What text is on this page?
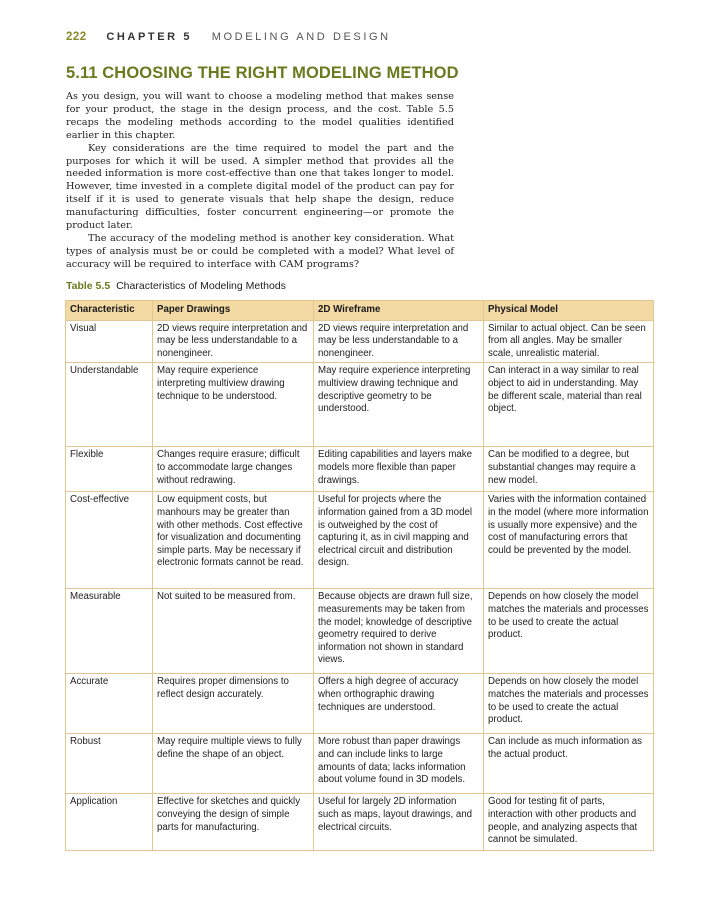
222 CHAPTER 5 MODELING AND DESIGN
5.11 CHOOSING THE RIGHT MODELING METHOD

As you design, you will want to choose a modeling method that makes sense for your product, the stage in the design process, and the cost. Table 5.5 recaps the modeling methods according to the model qualities identified earlier in this chapter.

Key considerations are the time required to model the part and the purposes for which it will be used. A simpler method that provides all the needed information is more cost-effective than one that takes longer to model. However, time invested in a complete digital model of the product can pay for itself if it is used to generate visuals that help shape the design, reduce manufacturing difficulties, foster concurrent engineering—or promote the product later.

The accuracy of the modeling method is another key consideration. What types of analysis must be or could be completed with a model? What level of accuracy will be required to interface with CAM programs?

Table 5.5 Characteristics of Modeling Methods
Characteristic	Paper Drawings	2D Wireframe	Physical Model
Visual	2D views require interpretation and may be less understandable to a nonengineer.	2D views require interpretation and may be less understandable to a nonengineer.	Similar to actual object. Can be seen from all angles. May be smaller scale, unrealistic material.
Understandable	May require experience interpreting multiview drawing technique to be understood.	May require experience interpreting multiview drawing technique and descriptive geometry to be understood.	Can interact in a way similar to real object to aid in understanding. May be different scale, material than real object.
Flexible	Changes require erasure; difficult to accommodate large changes without redrawing.	Editing capabilities and layers make models more flexible than paper drawings.	Can be modified to a degree, but substantial changes may require a new model.
Cost-effective	Low equipment costs, but manhours may be greater than with other methods. Cost effective for visualization and documenting simple parts. May be necessary if electronic formats cannot be read.	Useful for projects where the information gained from a 3D model is outweighed by the cost of capturing it, as in civil mapping and electrical circuit and distribution design.	Varies with the information contained in the model (where more information is usually more expensive) and the cost of manufacturing errors that could be prevented by the model.
Measurable	Not suited to be measured from.	Because objects are drawn full size, measurements may be taken from the model; knowledge of descriptive geometry required to derive information not shown in standard views.	Depends on how closely the model matches the materials and processes to be used to create the actual product.
Accurate	Requires proper dimensions to reflect design accurately.	Offers a high degree of accuracy when orthographic drawing techniques are understood.	Depends on how closely the model matches the materials and processes to be used to create the actual product.
Robust	May require multiple views to fully define the shape of an object.	More robust than paper drawings and can include links to large amounts of data; lacks information about volume found in 3D models.	Can include as much information as the actual product.
Application	Effective for sketches and quickly conveying the design of simple parts for manufacturing.	Useful for largely 2D information such as maps, layout drawings, and electrical circuits.	Good for testing fit of parts, interaction with other products and people, and analyzing aspects that cannot be simulated.
